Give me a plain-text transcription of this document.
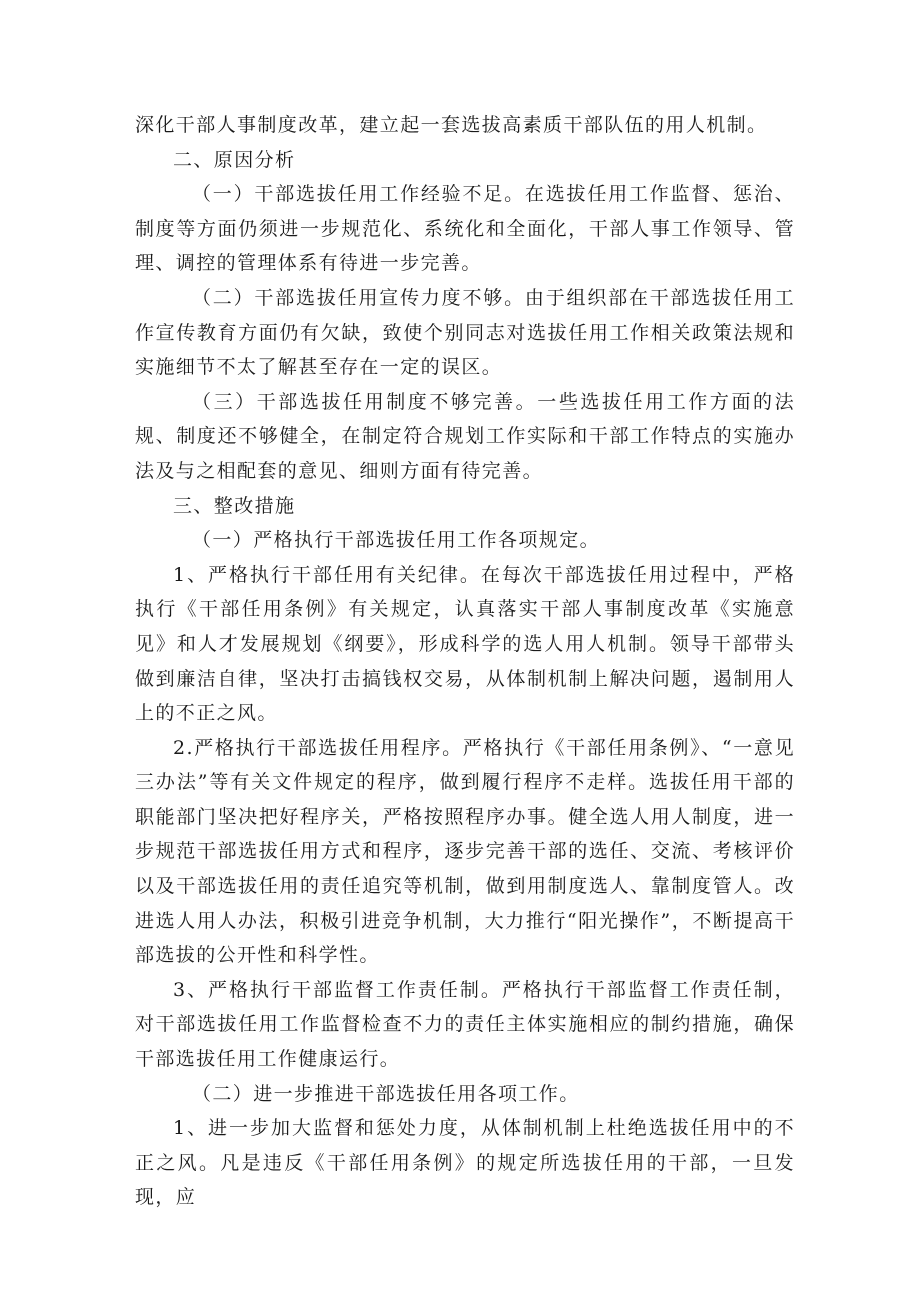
深化干部人事制度改革，建立起一套选拔高素质干部队伍的用人机制。

二、原因分析

（一）干部选拔任用工作经验不足。在选拔任用工作监督、惩治、制度等方面仍须进一步规范化、系统化和全面化，干部人事工作领导、管理、调控的管理体系有待进一步完善。

（二）干部选拔任用宣传力度不够。由于组织部在干部选拔任用工作宣传教育方面仍有欠缺，致使个别同志对选拔任用工作相关政策法规和实施细节不太了解甚至存在一定的误区。

（三）干部选拔任用制度不够完善。一些选拔任用工作方面的法规、制度还不够健全，在制定符合规划工作实际和干部工作特点的实施办法及与之相配套的意见、细则方面有待完善。

三、整改措施

（一）严格执行干部选拔任用工作各项规定。

1、严格执行干部任用有关纪律。在每次干部选拔任用过程中，严格执行《干部任用条例》有关规定，认真落实干部人事制度改革《实施意见》和人才发展规划《纲要》，形成科学的选人用人机制。领导干部带头做到廉洁自律，坚决打击搞钱权交易，从体制机制上解决问题，遏制用人上的不正之风。

2.严格执行干部选拔任用程序。严格执行《干部任用条例》、“一意见三办法”等有关文件规定的程序，做到履行程序不走样。选拔任用干部的职能部门坚决把好程序关，严格按照程序办事。健全选人用人制度，进一步规范干部选拔任用方式和程序，逐步完善干部的选任、交流、考核评价以及干部选拔任用的责任追究等机制，做到用制度选人、靠制度管人。改进选人用人办法，积极引进竞争机制，大力推行“阳光操作”，不断提高干部选拔的公开性和科学性。

3、严格执行干部监督工作责任制。严格执行干部监督工作责任制，对干部选拔任用工作监督检查不力的责任主体实施相应的制约措施，确保干部选拔任用工作健康运行。

（二）进一步推进干部选拔任用各项工作。

1、进一步加大监督和惩处力度，从体制机制上杜绝选拔任用中的不正之风。凡是违反《干部任用条例》的规定所选拔任用的干部，一旦发现，应
